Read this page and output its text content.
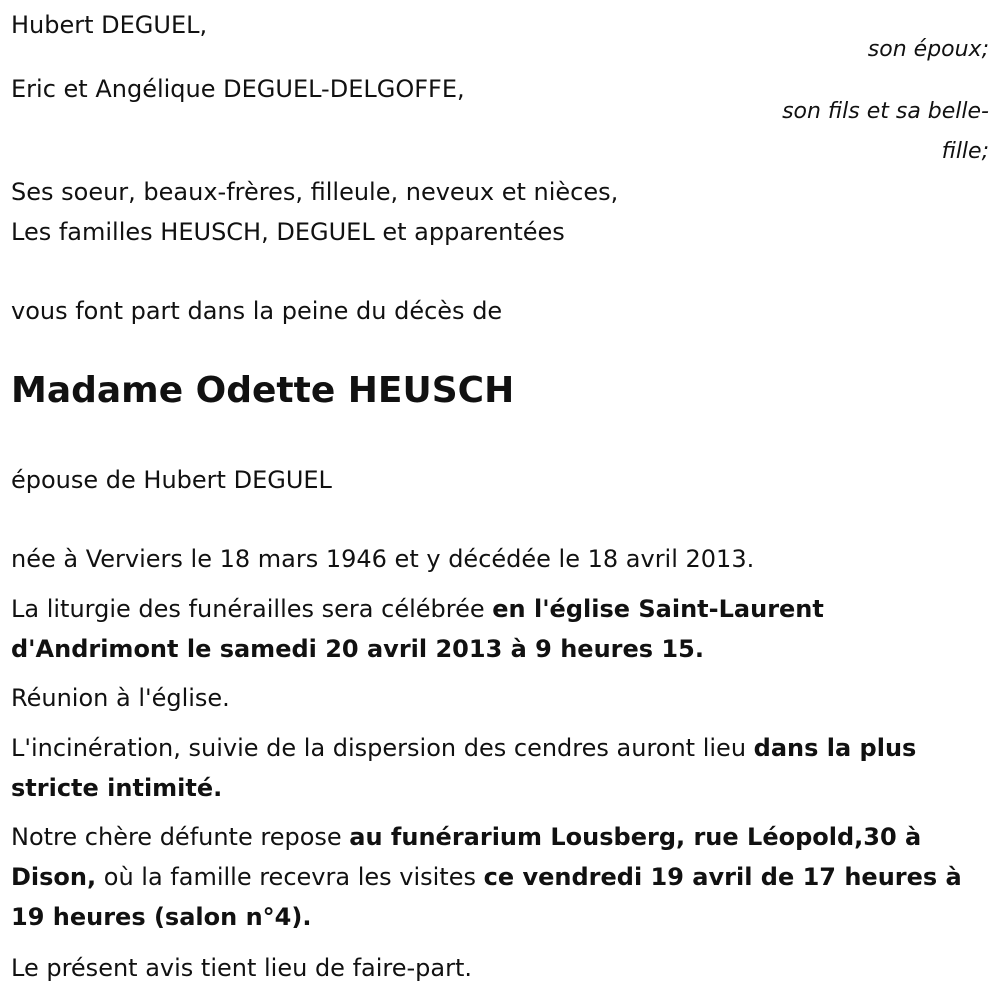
Hubert DEGUEL,

son époux;

Eric et Angélique DEGUEL-DELGOFFE,

son fils et sa belle-fille;

Ses soeur, beaux-frères, filleule, neveux et nièces,

Les familles HEUSCH, DEGUEL et apparentées

vous font part dans la peine du décès de

Madame Odette HEUSCH

épouse de Hubert DEGUEL

née à Verviers le 18 mars 1946 et y décédée le 18 avril 2013.

La liturgie des funérailles sera célébrée en l'église Saint-Laurent d'Andrimont le samedi 20 avril 2013 à 9 heures 15.

Réunion à l'église.

L'incinération, suivie de la dispersion des cendres auront lieu dans la plus stricte intimité.

Notre chère défunte repose au funérarium Lousberg, rue Léopold,30 à Dison, où la famille recevra les visites ce vendredi 19 avril de 17 heures à 19 heures (salon n°4).

Le présent avis tient lieu de faire-part.
